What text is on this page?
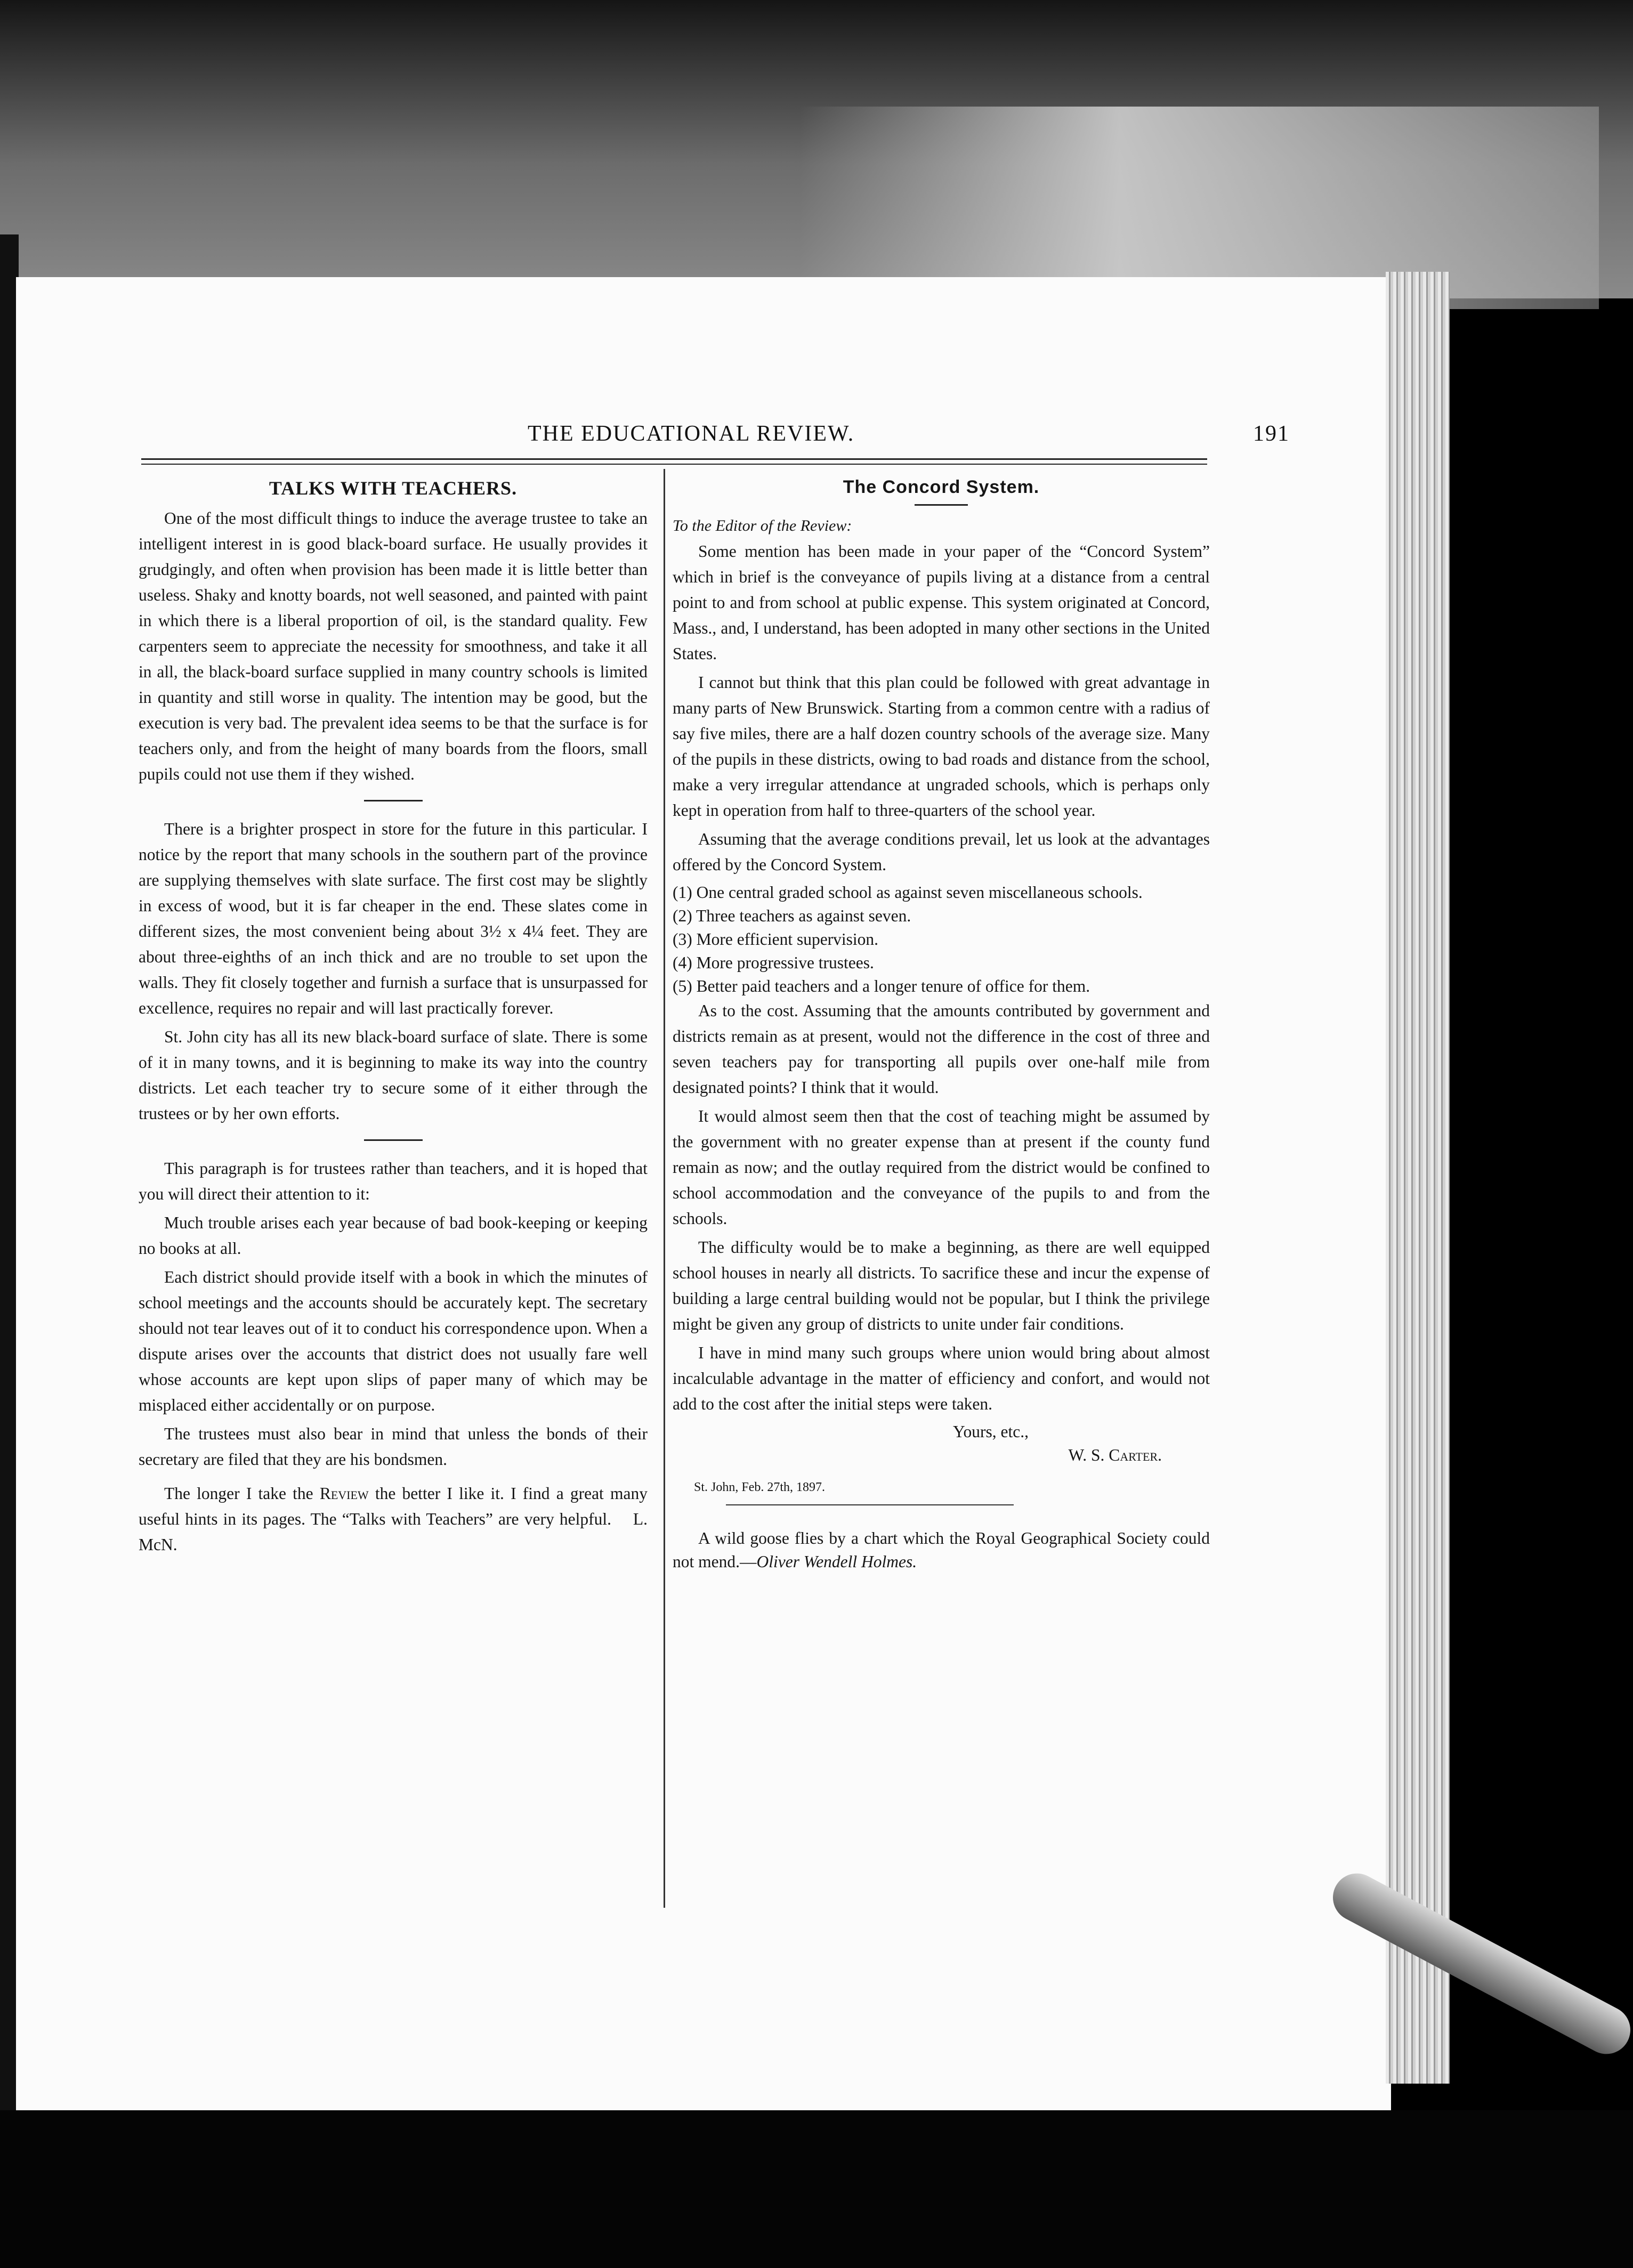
THE EDUCATIONAL REVIEW.	191
TALKS WITH TEACHERS.

One of the most difficult things to induce the average trustee to take an intelligent interest in is good black-board surface. He usually provides it grudgingly, and often when provision has been made it is little better than useless. Shaky and knotty boards, not well seasoned, and painted with paint in which there is a liberal proportion of oil, is the standard quality. Few carpenters seem to appreciate the necessity for smoothness, and take it all in all, the black-board surface supplied in many country schools is limited in quantity and still worse in quality. The intention may be good, but the execution is very bad. The prevalent idea seems to be that the surface is for teachers only, and from the height of many boards from the floors, small pupils could not use them if they wished.

There is a brighter prospect in store for the future in this particular. I notice by the report that many schools in the southern part of the province are supplying themselves with slate surface. The first cost may be slightly in excess of wood, but it is far cheaper in the end. These slates come in different sizes, the most convenient being about 3½ x 4¼ feet. They are about three-eighths of an inch thick and are no trouble to set upon the walls. They fit closely together and furnish a surface that is unsurpassed for excellence, requires no repair and will last practically forever.

St. John city has all its new black-board surface of slate. There is some of it in many towns, and it is beginning to make its way into the country districts. Let each teacher try to secure some of it either through the trustees or by her own efforts.

This paragraph is for trustees rather than teachers, and it is hoped that you will direct their attention to it:

Much trouble arises each year because of bad book-keeping or keeping no books at all.

Each district should provide itself with a book in which the minutes of school meetings and the accounts should be accurately kept. The secretary should not tear leaves out of it to conduct his correspondence upon. When a dispute arises over the accounts that district does not usually fare well whose accounts are kept upon slips of paper many of which may be misplaced either accidentally or on purpose.

The trustees must also bear in mind that unless the bonds of their secretary are filed that they are his bondsmen.

The longer I take the Review the better I like it. I find a great many useful hints in its pages. The “Talks with Teachers” are very helpful. L. McN.

The Concord System.
To the Editor of the Review:

Some mention has been made in your paper of the “Concord System” which in brief is the conveyance of pupils living at a distance from a central point to and from school at public expense. This system originated at Concord, Mass., and, I understand, has been adopted in many other sections in the United States.

I cannot but think that this plan could be followed with great advantage in many parts of New Brunswick. Starting from a common centre with a radius of say five miles, there are a half dozen country schools of the average size. Many of the pupils in these districts, owing to bad roads and distance from the school, make a very irregular attendance at ungraded schools, which is perhaps only kept in operation from half to three-quarters of the school year.

Assuming that the average conditions prevail, let us look at the advantages offered by the Concord System.

(1) One central graded school as against seven miscellaneous schools.
(2) Three teachers as against seven.
(3) More efficient supervision.
(4) More progressive trustees.
(5) Better paid teachers and a longer tenure of office for them.

As to the cost. Assuming that the amounts contributed by government and districts remain as at present, would not the difference in the cost of three and seven teachers pay for transporting all pupils over one-half mile from designated points? I think that it would.

It would almost seem then that the cost of teaching might be assumed by the government with no greater expense than at present if the county fund remain as now; and the outlay required from the district would be confined to school accommodation and the conveyance of the pupils to and from the schools.

The difficulty would be to make a beginning, as there are well equipped school houses in nearly all districts. To sacrifice these and incur the expense of building a large central building would not be popular, but I think the privilege might be given any group of districts to unite under fair conditions.

I have in mind many such groups where union would bring about almost incalculable advantage in the matter of efficiency and confort, and would not add to the cost after the initial steps were taken.

Yours, etc.,
W. S. Carter.
St. John, Feb. 27th, 1897.
A wild goose flies by a chart which the Royal Geographical Society could not mend.—Oliver Wendell Holmes.
